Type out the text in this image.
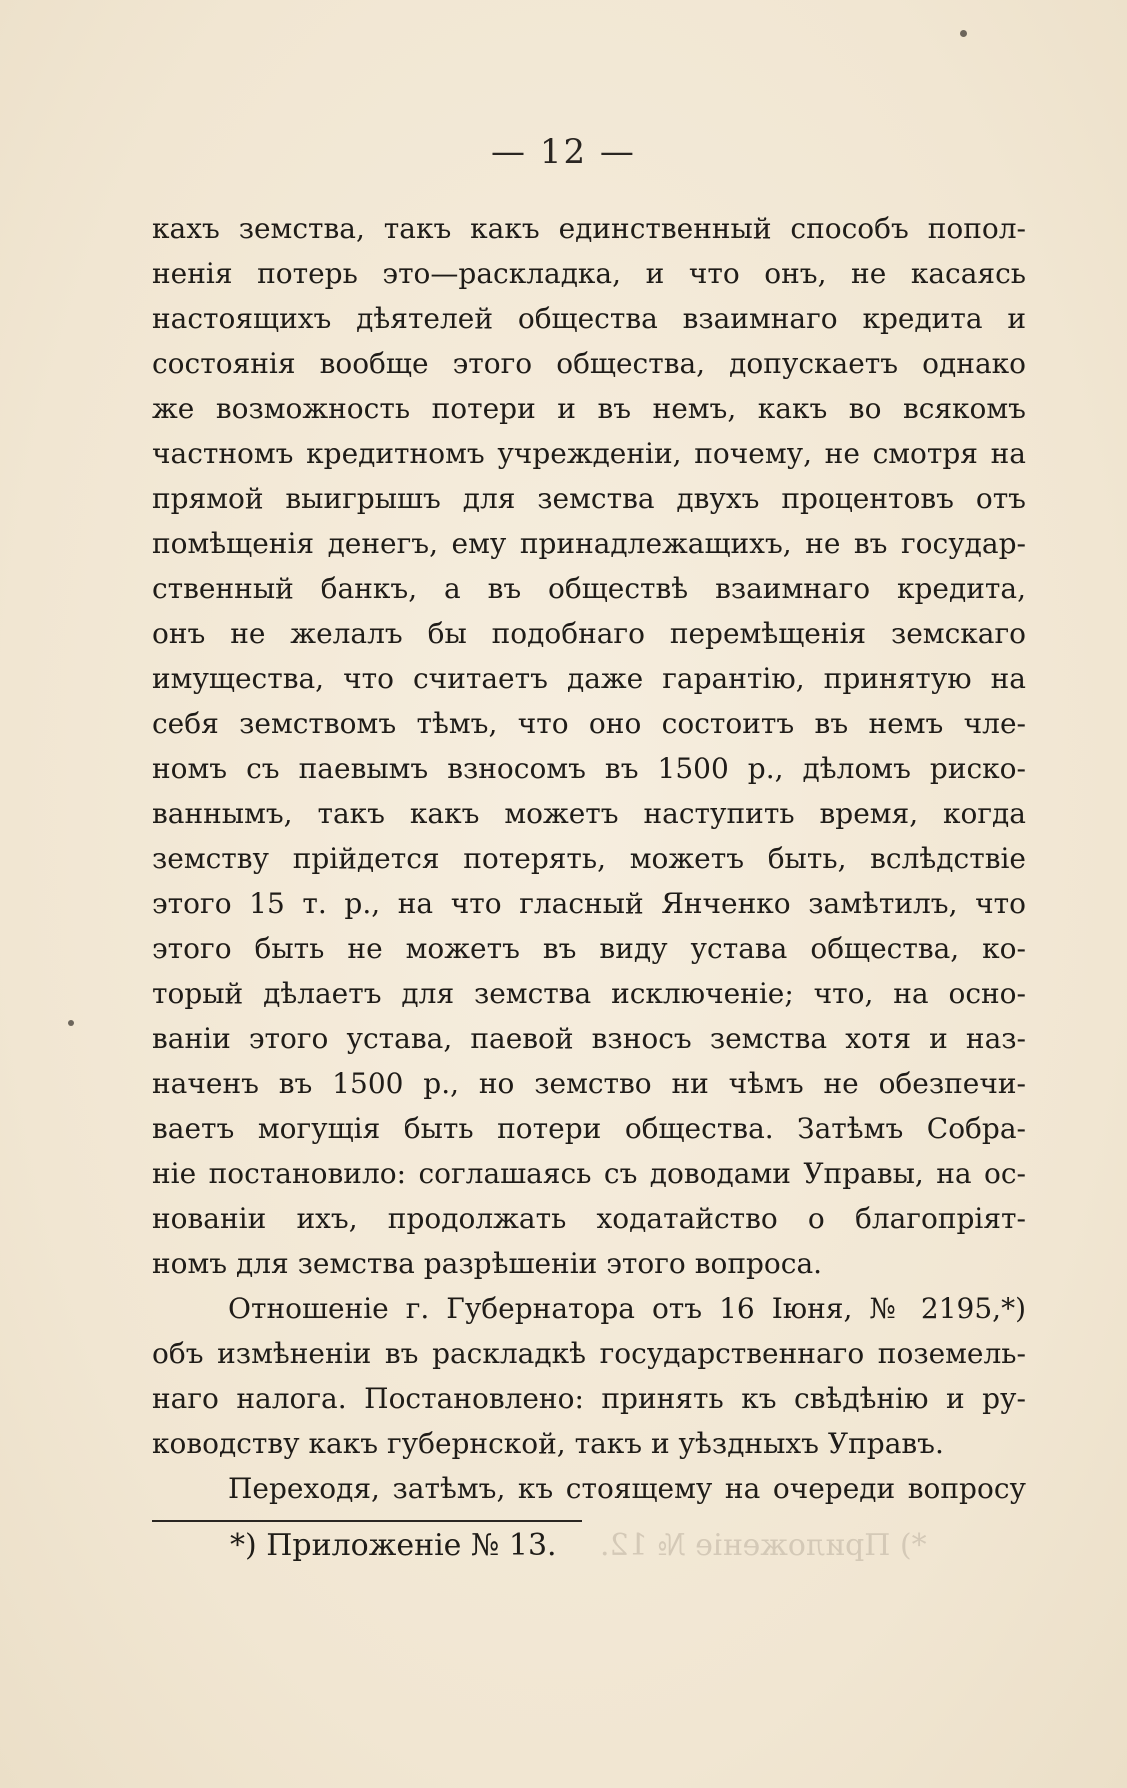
— 12 —
кахъ земства, такъ какъ единственный способъ попол-
ненія потерь это—раскладка, и что онъ, не касаясь
настоящихъ дѣятелей общества взаимнаго кредита и
состоянія вообще этого общества, допускаетъ однако
же возможность потери и въ немъ, какъ во всякомъ
частномъ кредитномъ учрежденіи, почему, не смотря на
прямой выигрышъ для земства двухъ процентовъ отъ
помѣщенія денегъ, ему принадлежащихъ, не въ государ-
ственный банкъ, а въ обществѣ взаимнаго кредита,
онъ не желалъ бы подобнаго перемѣщенія земскаго
имущества, что считаетъ даже гарантію, принятую на
себя земствомъ тѣмъ, что оно состоитъ въ немъ чле-
номъ съ паевымъ взносомъ въ 1500 р., дѣломъ риско-
ваннымъ, такъ какъ можетъ наступить время, когда
земству прійдется потерять, можетъ быть, вслѣдствіе
этого 15 т. р., на что гласный Янченко замѣтилъ, что
этого быть не можетъ въ виду устава общества, ко-
торый дѣлаетъ для земства исключеніе; что, на осно-
ваніи этого устава, паевой взносъ земства хотя и наз-
наченъ въ 1500 р., но земство ни чѣмъ не обезпечи-
ваетъ могущія быть потери общества. Затѣмъ Собра-
ніе постановило: соглашаясь съ доводами Управы, на ос-
нованіи ихъ, продолжать ходатайство о благопріят-
номъ для земства разрѣшеніи этого вопроса.
Отношеніе г. Губернатора отъ 16 Іюня, № 2195,*)
объ измѣненіи въ раскладкѣ государственнаго поземель-
наго налога. Постановлено: принять къ свѣдѣнію и ру-
ководству какъ губернской, такъ и уѣздныхъ Управъ.
Переходя, затѣмъ, къ стоящему на очереди вопросу
*) Приложеніе № 13. *) Приложеніе № 12.
